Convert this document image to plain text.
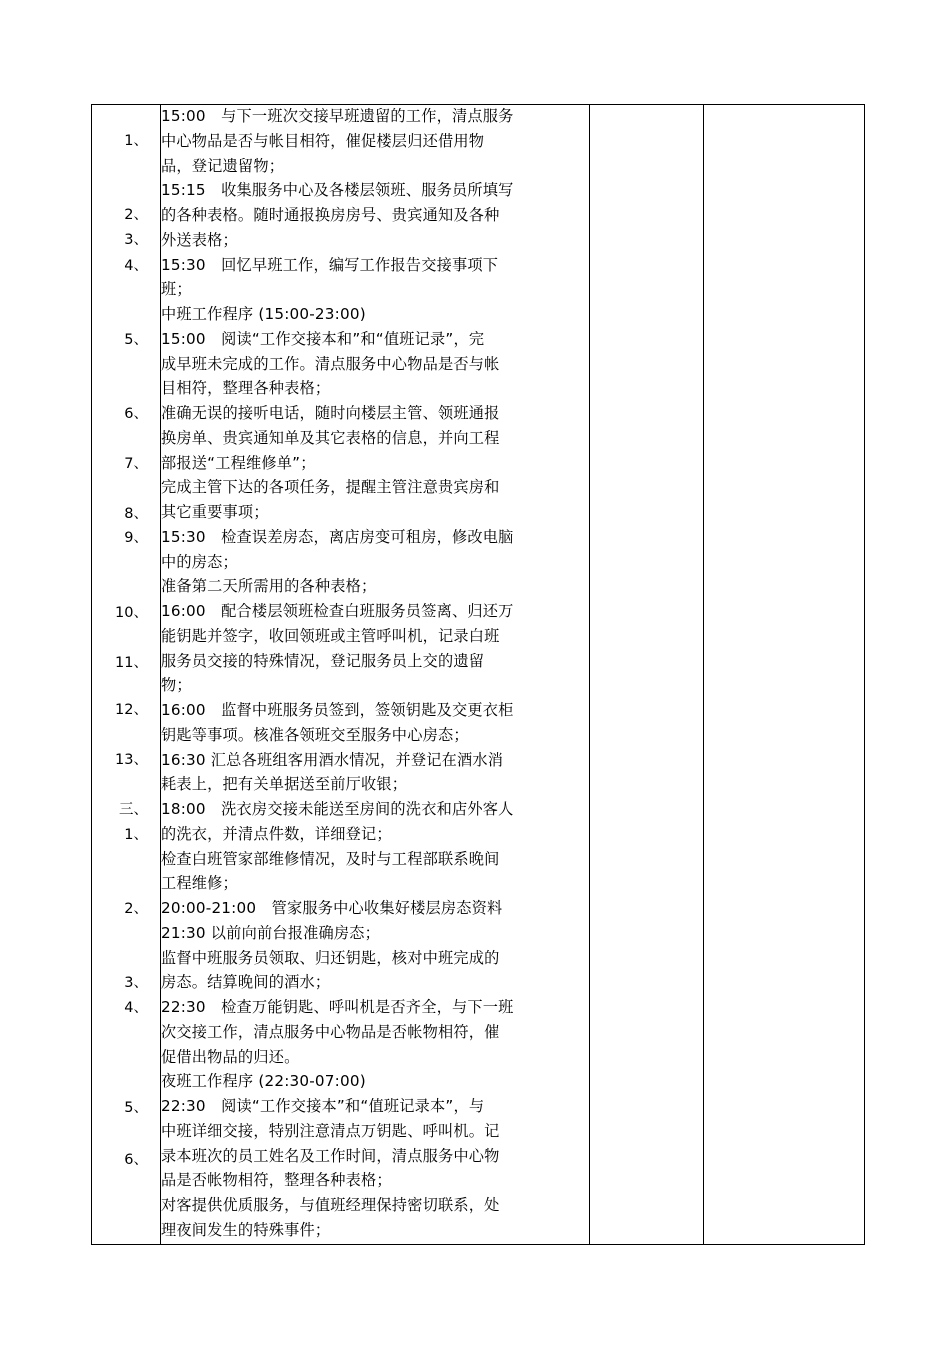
1、
2、
3、
4、
5、
6、
7、
8、
9、
10、
11、
12、
13、
三、
1、
2、
3、
4、
5、
6、
15:00　与下一班次交接早班遗留的工作，清点服务
中心物品是否与帐目相符，催促楼层归还借用物
品，登记遗留物；
15:15　收集服务中心及各楼层领班、服务员所填写
的各种表格。随时通报换房房号、贵宾通知及各种
外送表格；
15:30　回忆早班工作，编写工作报告交接事项下
班；
中班工作程序 (15:00-23:00)
15:00　阅读“工作交接本和”和“值班记录”，完
成早班未完成的工作。清点服务中心物品是否与帐
目相符，整理各种表格；
准确无误的接听电话，随时向楼层主管、领班通报
换房单、贵宾通知单及其它表格的信息，并向工程
部报送“工程维修单”；
完成主管下达的各项任务，提醒主管注意贵宾房和
其它重要事项；
15:30　检查误差房态，离店房变可租房，修改电脑
中的房态；
准备第二天所需用的各种表格；
16:00　配合楼层领班检查白班服务员签离、归还万
能钥匙并签字，收回领班或主管呼叫机，记录白班
服务员交接的特殊情况，登记服务员上交的遗留
物；
16:00　监督中班服务员签到，签领钥匙及交更衣柜
钥匙等事项。核准各领班交至服务中心房态；
16:30 汇总各班组客用酒水情况，并登记在酒水消
耗表上，把有关单据送至前厅收银；
18:00　洗衣房交接未能送至房间的洗衣和店外客人
的洗衣，并清点件数，详细登记；
检查白班管家部维修情况，及时与工程部联系晚间
工程维修；
20:00-21:00　管家服务中心收集好楼层房态资料
21:30 以前向前台报准确房态；
监督中班服务员领取、归还钥匙，核对中班完成的
房态。结算晚间的酒水；
22:30　检查万能钥匙、呼叫机是否齐全，与下一班
次交接工作，清点服务中心物品是否帐物相符，催
促借出物品的归还。
夜班工作程序 (22:30-07:00)
22:30　阅读“工作交接本”和“值班记录本”，与
中班详细交接，特别注意清点万钥匙、呼叫机。记
录本班次的员工姓名及工作时间，清点服务中心物
品是否帐物相符，整理各种表格；
对客提供优质服务，与值班经理保持密切联系，处
理夜间发生的特殊事件；
